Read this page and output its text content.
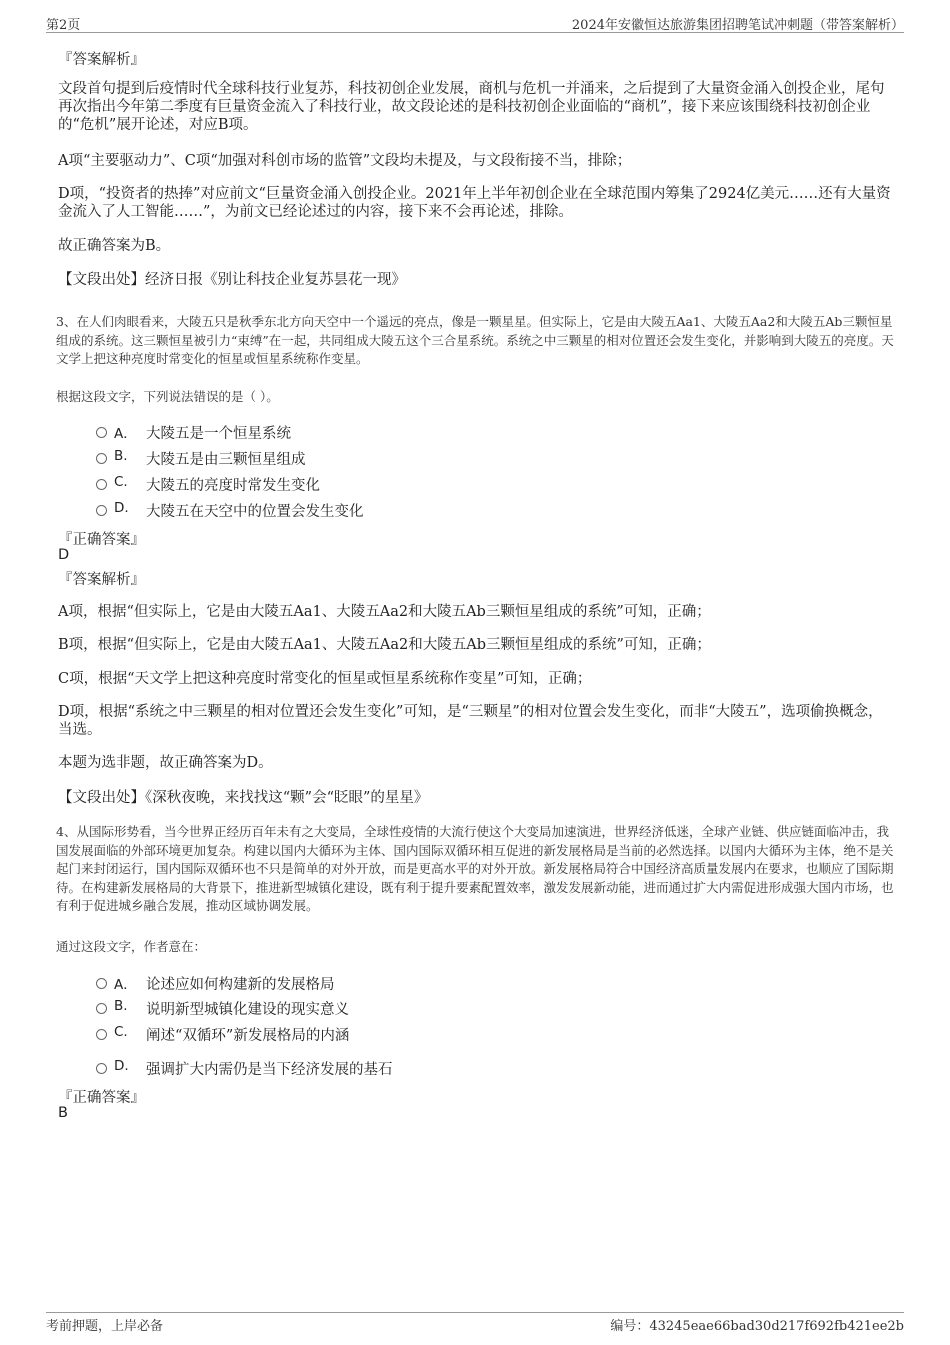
第2页	2024年安徽恒达旅游集团招聘笔试冲刺题（带答案解析）
『答案解析』
文段首句提到后疫情时代全球科技行业复苏，科技初创企业发展，商机与危机一并涌来，之后提到了大量资金涌入创投企业，尾句再次指出今年第二季度有巨量资金流入了科技行业，故文段论述的是科技初创企业面临的“商机”，接下来应该围绕科技初创企业的“危机”展开论述，对应B项。
A项“主要驱动力”、C项“加强对科创市场的监管”文段均未提及，与文段衔接不当，排除；
D项，“投资者的热捧”对应前文“巨量资金涌入创投企业。2021年上半年初创企业在全球范围内筹集了2924亿美元……还有大量资金流入了人工智能……”，为前文已经论述过的内容，接下来不会再论述，排除。
故正确答案为B。
【文段出处】经济日报《别让科技企业复苏昙花一现》
3、在人们肉眼看来，大陵五只是秋季东北方向天空中一个遥远的亮点，像是一颗星星。但实际上，它是由大陵五Aa1、大陵五Aa2和大陵五Ab三颗恒星组成的系统。这三颗恒星被引力“束缚”在一起，共同组成大陵五这个三合星系统。系统之中三颗星的相对位置还会发生变化，并影响到大陵五的亮度。天文学上把这种亮度时常变化的恒星或恒星系统称作变星。
根据这段文字，下列说法错误的是（ ）。
A． 大陵五是一个恒星系统
B. 大陵五是由三颗恒星组成
C. 大陵五的亮度时常发生变化
D. 大陵五在天空中的位置会发生变化
『正确答案』
D
『答案解析』
A项，根据“但实际上，它是由大陵五Aa1、大陵五Aa2和大陵五Ab三颗恒星组成的系统”可知，正确；
B项，根据“但实际上，它是由大陵五Aa1、大陵五Aa2和大陵五Ab三颗恒星组成的系统”可知，正确；
C项，根据“天文学上把这种亮度时常变化的恒星或恒星系统称作变星”可知，正确；
D项，根据“系统之中三颗星的相对位置还会发生变化”可知，是“三颗星”的相对位置会发生变化，而非“大陵五”，选项偷换概念，当选。
本题为选非题，故正确答案为D。
【文段出处】《深秋夜晚，来找找这“颗”会“眨眼”的星星》
4、从国际形势看，当今世界正经历百年未有之大变局，全球性疫情的大流行使这个大变局加速演进，世界经济低迷，全球产业链、供应链面临冲击，我国发展面临的外部环境更加复杂。构建以国内大循环为主体、国内国际双循环相互促进的新发展格局是当前的必然选择。以国内大循环为主体，绝不是关起门来封闭运行，国内国际双循环也不只是简单的对外开放，而是更高水平的对外开放。新发展格局符合中国经济高质量发展内在要求，也顺应了国际期待。在构建新发展格局的大背景下，推进新型城镇化建设，既有利于提升要素配置效率，激发发展新动能，进而通过扩大内需促进形成强大国内市场，也有利于促进城乡融合发展，推动区域协调发展。
通过这段文字，作者意在：
A． 论述应如何构建新的发展格局
B. 说明新型城镇化建设的现实意义
C. 阐述“双循环”新发展格局的内涵
D. 强调扩大内需仍是当下经济发展的基石
『正确答案』
B
考前押题，上岸必备	编号：43245eae66bad30d217f692fb421ee2b
